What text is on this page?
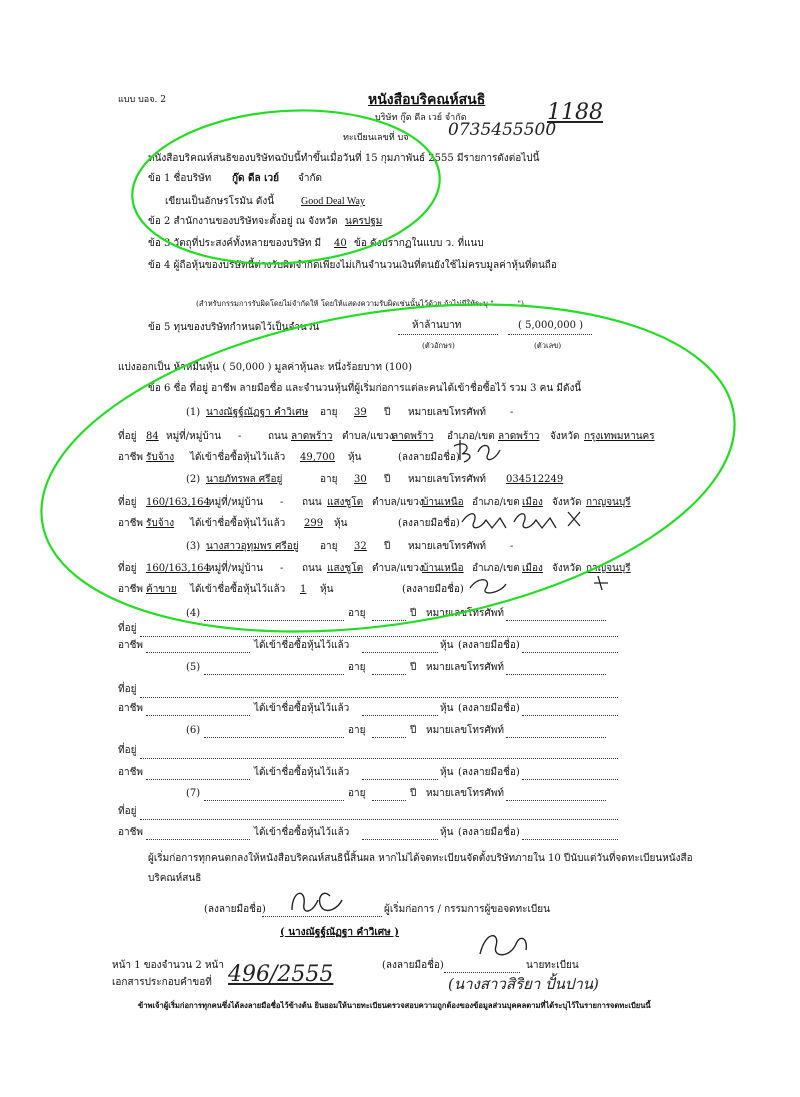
แบบ บอจ. 2	หนังสือบริคณห์สนธิ
บริษัท กู๊ด ดีล เวย์ จำกัด
ทะเบียนเลขที่ บจ 0735455500
1188
หนังสือบริคณห์สนธิของบริษัทฉบับนี้ทำขึ้นเมื่อวันที่ 15 กุมภาพันธ์ 2555 มีรายการดังต่อไปนี้
ข้อ 1 ชื่อบริษัท กู๊ด ดีล เวย์ จำกัด
เขียนเป็นอักษรโรมัน ดังนี้	Good Deal Way
ข้อ 2 สำนักงานของบริษัทจะตั้งอยู่ ณ จังหวัด นครปฐม
ข้อ 3 วัตถุที่ประสงค์ทั้งหลายของบริษัท มี 40 ข้อ ดังปรากฏในแบบ ว. ที่แนบ
ข้อ 4 ผู้ถือหุ้นของบริษัทนี้ต่างรับผิดจำกัดเพียงไม่เกินจำนวนเงินที่ตนยังใช้ไม่ครบมูลค่าหุ้นที่ตนถือ
(สำหรับกรรมการรับผิดโดยไม่จำกัดให้ โดยให้แสดงความรับผิดเช่นนั้นไว้ด้วย ถ้าไม่มีให้ระบุ "..........")
ข้อ 5 ทุนของบริษัทกำหนดไว้เป็นจำนวน	ห้าล้านบาท	( 5,000,000 )
(ตัวอักษร)	(ตัวเลข)
แบ่งออกเป็น ห้าหมื่นหุ้น ( 50,000 ) มูลค่าหุ้นละ หนึ่งร้อยบาท (100)
ข้อ 6 ชื่อ ที่อยู่ อาชีพ ลายมือชื่อ และจำนวนหุ้นที่ผู้เริ่มก่อการแต่ละคนได้เข้าชื่อซื้อไว้ รวม 3 คน มีดังนี้
(1) นางณัฐฐ์ณัฏฐา คำวิเศษ อายุ 39 ปี หมายเลขโทรศัพท์ -
ที่อยู่ 84 หมู่ที่/หมู่บ้าน -	ถนน ลาดพร้าว ตำบล/แขวง
ลาดพร้าว อำเภอ/เขต ลาดพร้าว จังหวัด กรุงเทพมหานคร
อาชีพ รับจ้าง ได้เข้าชื่อซื้อหุ้นไว้แล้ว 49,700 หุ้น	(ลงลายมือชื่อ)
(2) นายภัทรพล ศรีอยู่	อายุ 30 ปี หมายเลขโทรศัพท์ 034512249
ที่อยู่ 160/163,164
หมู่ที่/หมู่บ้าน - ถนน แสงชูโต ตำบล/แขวง
บ้านเหนือ อำเภอ/เขต เมือง จังหวัด กาญจนบุรี
อาชีพ รับจ้าง ได้เข้าชื่อซื้อหุ้นไว้แล้ว 299 หุ้น	(ลงลายมือชื่อ)
(3) นางสาวอุทุมพร ศรีอยู่ อายุ 32 ปี หมายเลขโทรศัพท์ -
ที่อยู่ 160/163,164
หมู่ที่/หมู่บ้าน - ถนน แสงชูโต ตำบล/แขวง
บ้านเหนือ อำเภอ/เขต เมือง จังหวัด กาญจนบุรี
อาชีพ ค้าขาย ได้เข้าชื่อซื้อหุ้นไว้แล้ว 1 หุ้น	(ลงลายมือชื่อ)
(4)	อายุ	ปี หมายเลขโทรศัพท์
ที่อยู่
อาชีพ	ได้เข้าชื่อซื้อหุ้นไว้แล้ว	หุ้น (ลงลายมือชื่อ)
(5)	อายุ	ปี หมายเลขโทรศัพท์
ที่อยู่
อาชีพ	ได้เข้าชื่อซื้อหุ้นไว้แล้ว	หุ้น (ลงลายมือชื่อ)
(6)	อายุ	ปี หมายเลขโทรศัพท์
ที่อยู่
อาชีพ	ได้เข้าชื่อซื้อหุ้นไว้แล้ว	หุ้น (ลงลายมือชื่อ)
(7)	อายุ	ปี หมายเลขโทรศัพท์
ที่อยู่
อาชีพ	ได้เข้าชื่อซื้อหุ้นไว้แล้ว	หุ้น (ลงลายมือชื่อ)
ผู้เริ่มก่อการทุกคนตกลงให้หนังสือบริคณห์สนธินี้สิ้นผล หากไม่ได้จดทะเบียนจัดตั้งบริษัทภายใน 10 ปีนับแต่วันที่จดทะเบียนหนังสือบริคณห์สนธิ
(ลงลายมือชื่อ)	ผู้เริ่มก่อการ / กรรมการผู้ขอจดทะเบียน
( นางณัฐฐ์ณัฏฐา คำวิเศษ )
หน้า 1 ของจำนวน 2 หน้า
เอกสารประกอบคำขอที่ 496/2555	(ลงลายมือชื่อ)	นายทะเบียน
(นางสาวสิริยา ปั้นปาน)
ข้าพเจ้าผู้เริ่มก่อการทุกคนซึ่งได้ลงลายมือชื่อไว้ข้างต้น ยินยอมให้นายทะเบียนตรวจสอบความถูกต้องของข้อมูลส่วนบุคคลตามที่ได้ระบุไว้ในรายการจดทะเบียนนี้
